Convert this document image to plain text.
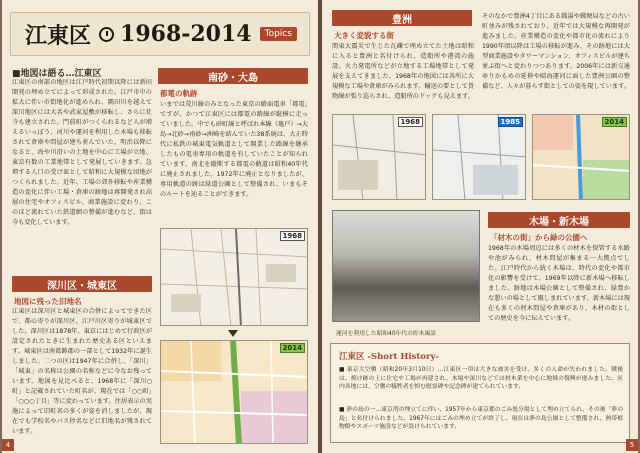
江東区 1968-2014	Topics
■地図は語る…江東区
江東区の南部の地区は江戸時代初期以降には新田開発の埋め立てによって形成された。江戸市中の拡大に伴い市街地化が進められ、隅田川を越えて深川地区には大名や武家屋敷が移転し、さらに社寺も建立された。門前町がつくられるなど人が増えるいっぽう、河川や運河を利用した木場も移転されて倉庫や問屋が建ち並んでいた。明治以降になると、海や川沿いの土地を中心に工場が立地、東京有数の工業地帯として発展していきます。急増する人口の受け皿として昭和に大規模な団地がつくられました。近年、工場の郊外移転や産業構造の変化に伴い工場・倉庫の跡地は再開発され高層の住宅やオフィスビル、商業施設に変わり、このほど流れていた鉄道網の整備が進むなど、街は今も変化しています。
南砂・大島
都電の軌跡
いまでは荒川線のみとなった東京の路面電車「都電」ですが、かつて江東区には都電の路線が縦横に走っていました。中でも砂町線と呼ばれ本線（亀戸）→大島→北砂→南砂→洲崎を結んでいた38系統は、大正時代に私鉄の城東電気軌道として開業した路線を継承したもの電車専用の軌道を有していたことが知られています。南北を縦断する都電の軌道は昭和40年代に廃止されました。1972年に廃止となりましたが、専用軌道の跡は緑道公園として整備され、いまもそのルートを辿ることができます。
1968
2014
深川区・城東区
地図に残った旧地名
江東区は深川区と城東区の合併によってできた区で、都心寄りが深川区、江戸川区寄りが城東区でした。深川区は1878年、東京にはじめて行政区が設定されたときに生まれた歴史ある区といえます。城東区は南葛飾郡の一部として1932年に誕生しました。二つの区は1947年に合併し、「深川」「城東」の名称は公園の名称などに今なお残っています。地図を見比べると、1968年に「深川○町」と記載されていた町名が、現在では「○○町」「○○○丁目」等に変わっています。住居表示の実施によって旧町名の多くが姿を消しましたが、現在でも学校名やバス停名などに旧地名が残されています。
4
豊洲
大きく変貌する街
関東大震災で生じた瓦礫で埋め立てた土地は昭和に入ると豊洲と名付けられ、造船所や港湾の施設、火力発電所などが立地する工場地帯として発展を支えてきました。1968年の地図には各所に大規模な工場や倉庫がみられます。輸送の要として貨物線が張り巡らされ、造船所のドックも見えます。
そのなかで豊洲4丁目にある銭湯や郵便局などの古い町並みが残されており、近年では大規模な再開発が進みました。産業構造の変化や都市化の流れにより1990年頃以降は工場の移転が進み、その跡地には大型商業施設やタワーマンション、オフィスビルが建ち並ぶ街へと変わりつつあります。2006年には新交通ゆりかもめの延伸や晴海運河に面した豊洲公園の整備など、人々が暮らす街としての姿を現しています。
1968	1985	2014
運河を利用した昭和40年代の貯木風景
木場・新木場
「材木の街」から緑の公園へ
1968年の木場周辺には多くの材木を保管する水路や池がみられ、材木問屋が集まる一大拠点でした。江戸時代から続く木場は、時代の変化や都市化の影響を受けて、1969年以降に新木場へ移転しました。跡地は木場公園として整備され、緑豊かな憩いの場として親しまれています。新木場には現在も多くの材木問屋や倉庫があり、木材の街としての歴史を今に伝えています。
江東区 -Short History-
■ 東京大空襲（昭和20年3月10日）…江東区一帯は大きな被害を受け、多くの人命が失われました。戦後は、焼け跡の上に住宅や工場が再建され、木場や深川などでは材木業を中心に地域の復興が進みました。区内各地には、空襲の犠牲者を悼む慰霊碑や記念碑が建てられています。
■ 夢の島の一…東京湾の埋立てに伴い、1957年から東京都のごみ処分場として埋め立てられ、その後「夢の島」と名付けられました。1967年にはごみの埋め立てが終了し、現在は夢の島公園として整備され、熱帯植物館やスポーツ施設などが設けられています。
5
